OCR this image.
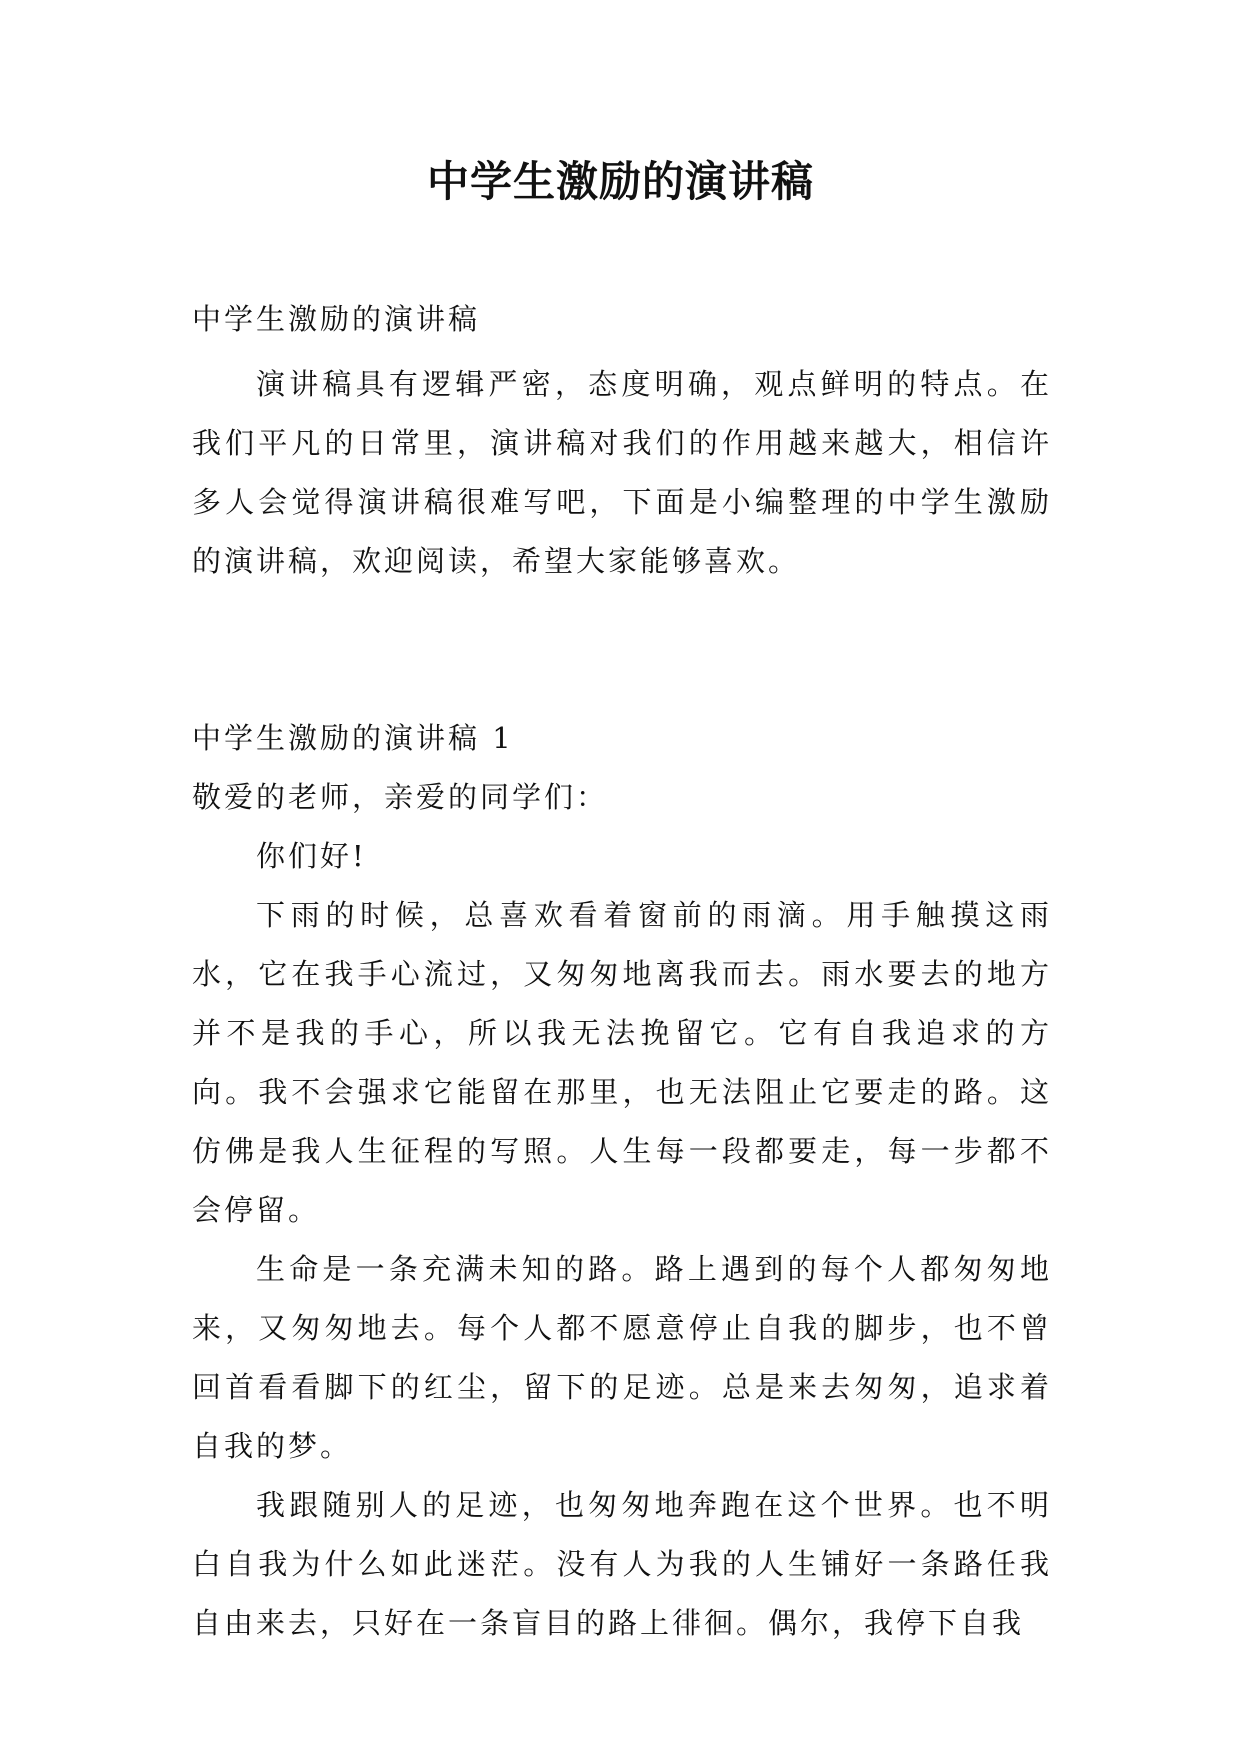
中学生激励的演讲稿

中学生激励的演讲稿

演讲稿具有逻辑严密，态度明确，观点鲜明的特点。在我们平凡的日常里，演讲稿对我们的作用越来越大，相信许多人会觉得演讲稿很难写吧，下面是小编整理的中学生激励的演讲稿，欢迎阅读，希望大家能够喜欢。

中学生激励的演讲稿 1

敬爱的老师，亲爱的同学们：

你们好!

下雨的时候，总喜欢看着窗前的雨滴。用手触摸这雨水，它在我手心流过，又匆匆地离我而去。雨水要去的地方并不是我的手心，所以我无法挽留它。它有自我追求的方向。我不会强求它能留在那里，也无法阻止它要走的路。这仿佛是我人生征程的写照。人生每一段都要走，每一步都不会停留。

生命是一条充满未知的路。路上遇到的每个人都匆匆地来，又匆匆地去。每个人都不愿意停止自我的脚步，也不曾回首看看脚下的红尘，留下的足迹。总是来去匆匆，追求着自我的梦。

我跟随别人的足迹，也匆匆地奔跑在这个世界。也不明白自我为什么如此迷茫。没有人为我的人生铺好一条路任我自由来去，只好在一条盲目的路上徘徊。偶尔，我停下自我
